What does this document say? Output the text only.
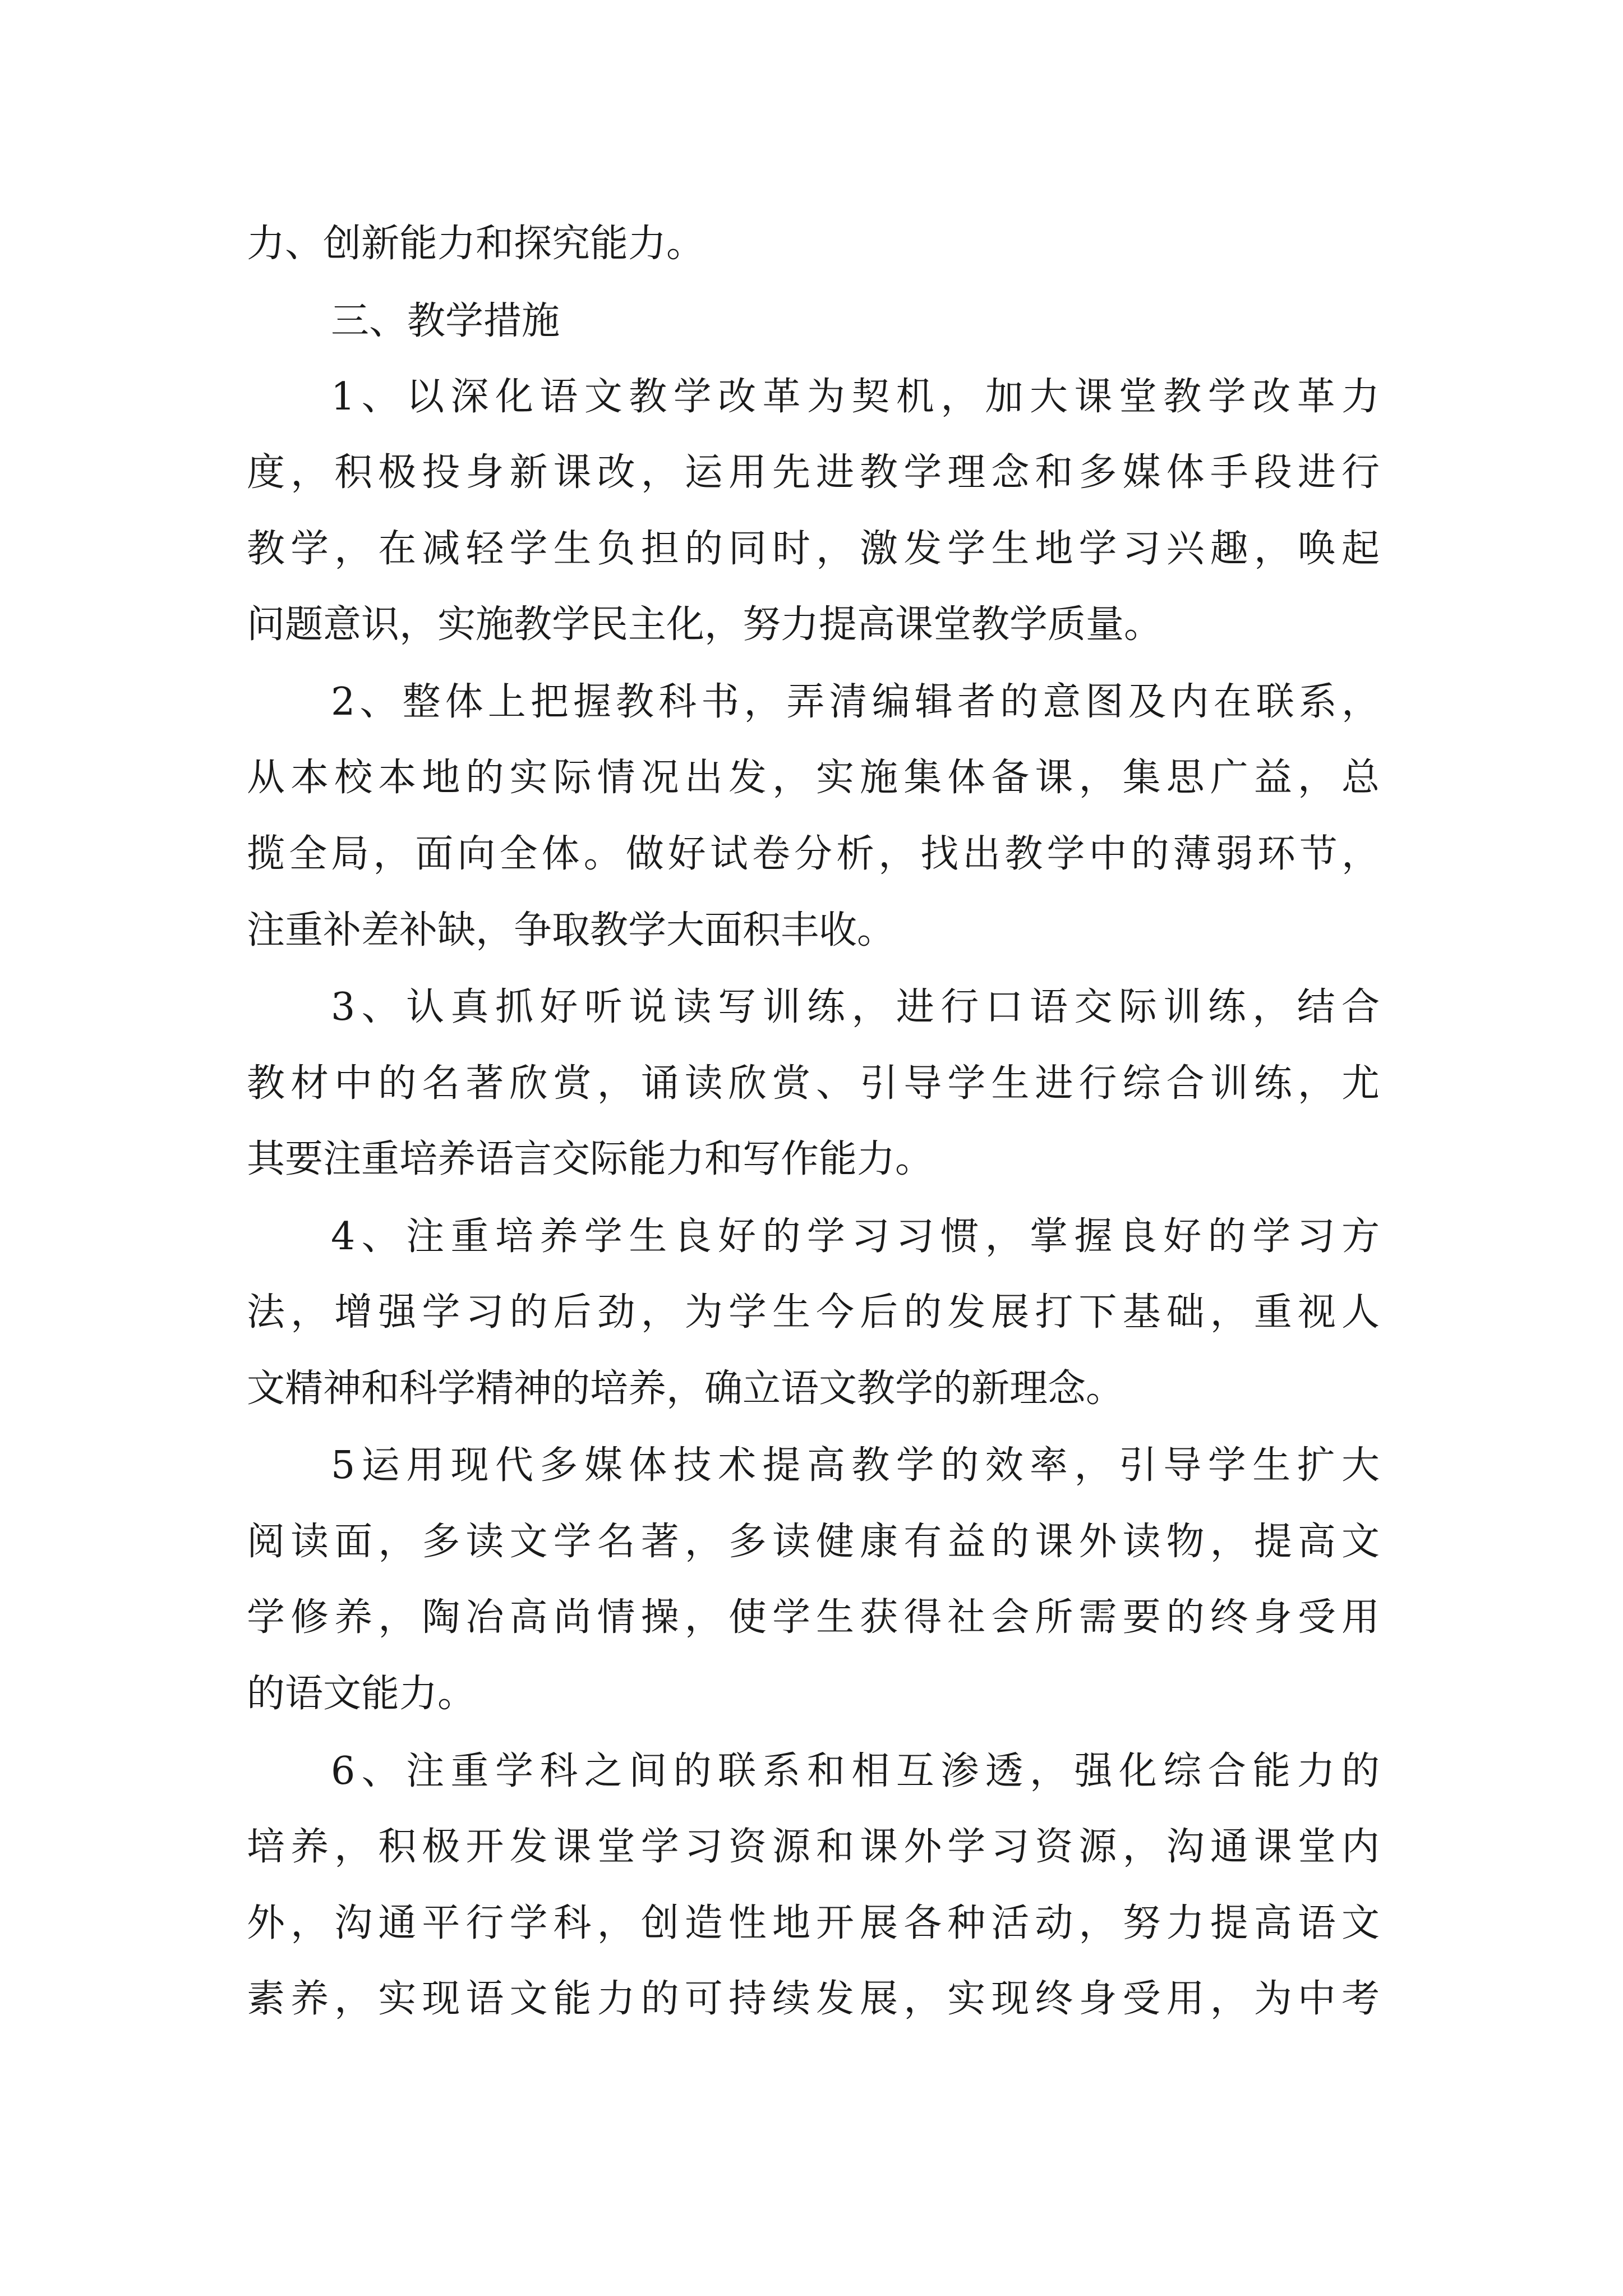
力、创新能力和探究能力。
三、教学措施
1、以深化语文教学改革为契机，加大课堂教学改革力
度，积极投身新课改，运用先进教学理念和多媒体手段进行
教学，在减轻学生负担的同时，激发学生地学习兴趣，唤起
问题意识，实施教学民主化，努力提高课堂教学质量。
2、整体上把握教科书，弄清编辑者的意图及内在联系，
从本校本地的实际情况出发，实施集体备课，集思广益，总
揽全局，面向全体。做好试卷分析，找出教学中的薄弱环节，
注重补差补缺，争取教学大面积丰收。
3、认真抓好听说读写训练，进行口语交际训练，结合
教材中的名著欣赏，诵读欣赏、引导学生进行综合训练，尤
其要注重培养语言交际能力和写作能力。
4、注重培养学生良好的学习习惯，掌握良好的学习方
法，增强学习的后劲，为学生今后的发展打下基础，重视人
文精神和科学精神的培养，确立语文教学的新理念。
5运用现代多媒体技术提高教学的效率，引导学生扩大
阅读面，多读文学名著，多读健康有益的课外读物，提高文
学修养，陶冶高尚情操，使学生获得社会所需要的终身受用
的语文能力。
6、注重学科之间的联系和相互渗透，强化综合能力的
培养，积极开发课堂学习资源和课外学习资源，沟通课堂内
外，沟通平行学科，创造性地开展各种活动，努力提高语文
素养，实现语文能力的可持续发展，实现终身受用，为中考
